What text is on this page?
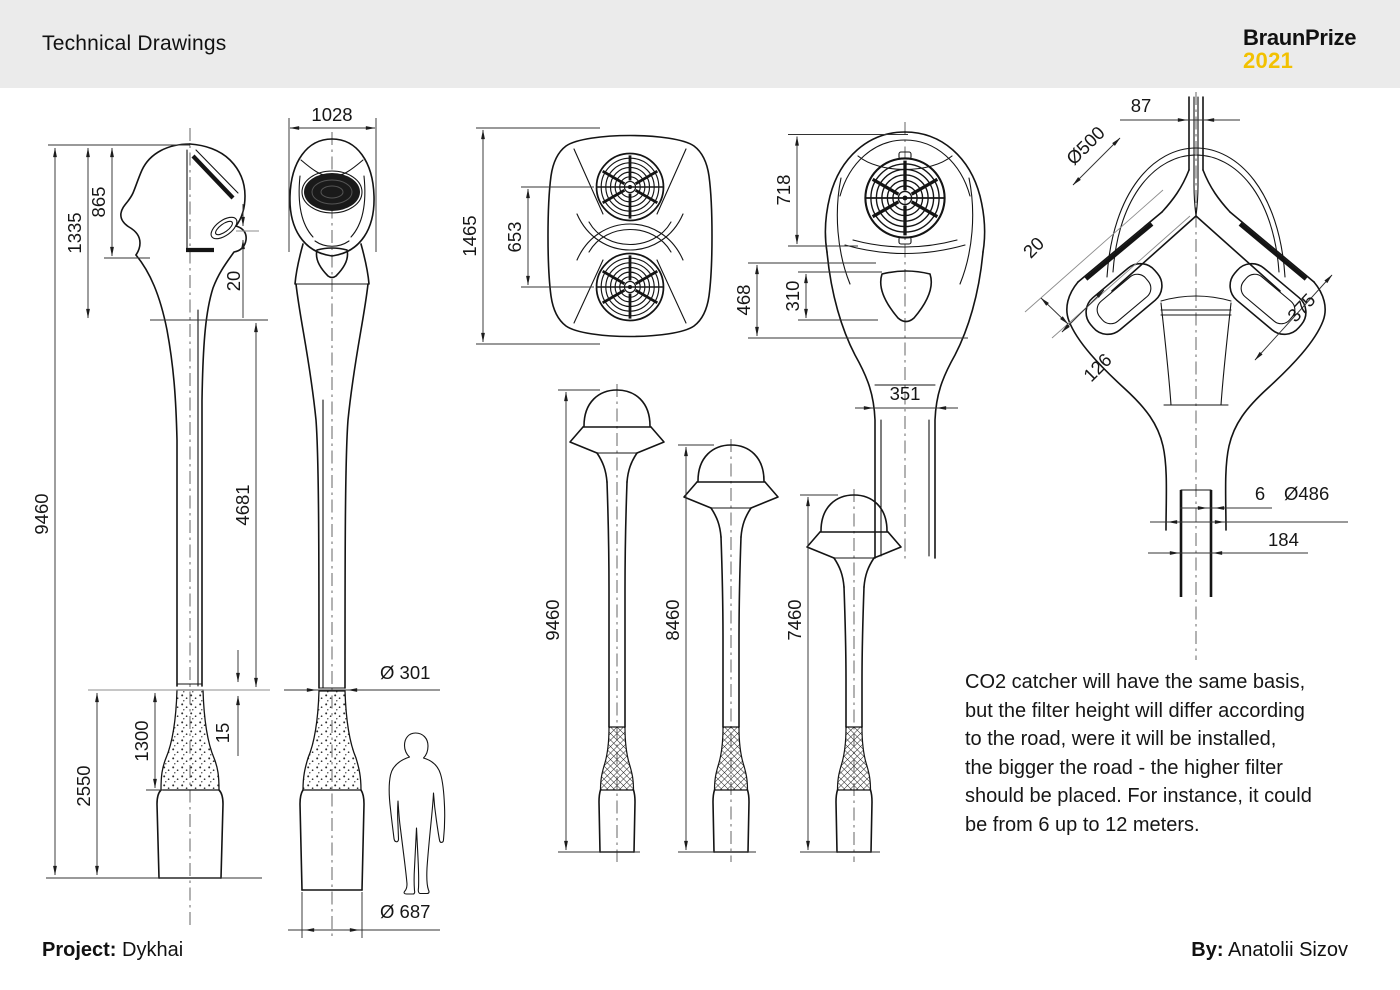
Technical Drawings	BraunPrize
2021
9460
1335
865
20
4681
2550
1300	15
1028
Ø 301
Ø 687
1465 653
718
468 310
351
87
Ø500
20
126
375
6 Ø486
184
9460	8460	7460
CO2 catcher will have the same basis,
but the filter height will differ according
to the road, were it will be installed,
the bigger the road - the higher filter
should be placed. For instance, it could
be from 6 up to 12 meters.
Project: Dykhai	By: Anatolii Sizov
